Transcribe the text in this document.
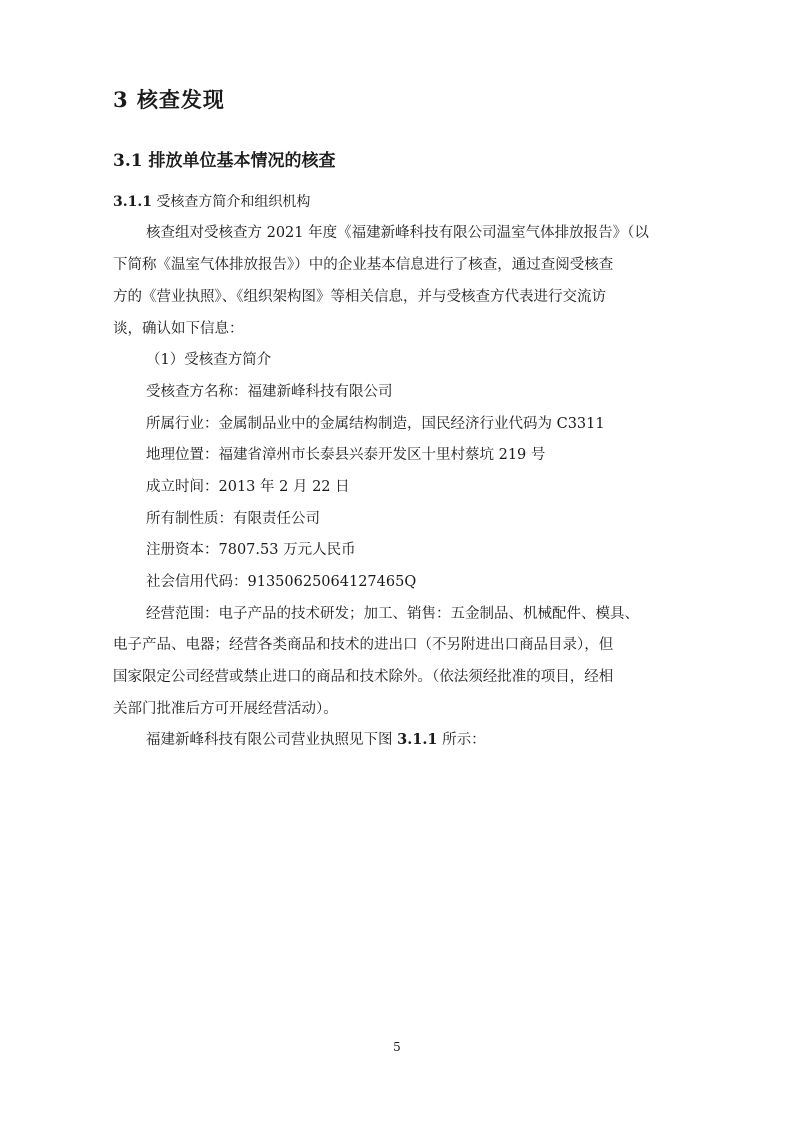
3 核查发现
3.1 排放单位基本情况的核查
3.1.1 受核查方简介和组织机构
核查组对受核查方 2021 年度《福建新峰科技有限公司温室气体排放报告》（以
下简称《温室气体排放报告》）中的企业基本信息进行了核查，通过查阅受核查
方的《营业执照》、《组织架构图》等相关信息，并与受核查方代表进行交流访
谈，确认如下信息：
（1）受核查方简介
受核查方名称：福建新峰科技有限公司
所属行业：金属制品业中的金属结构制造，国民经济行业代码为 C3311
地理位置：福建省漳州市长泰县兴泰开发区十里村蔡坑 219 号
成立时间：2013 年 2 月 22 日
所有制性质：有限责任公司
注册资本：7807.53 万元人民币
社会信用代码：91350625064127465Q
经营范围：电子产品的技术研发；加工、销售：五金制品、机械配件、模具、
电子产品、电器；经营各类商品和技术的进出口（不另附进出口商品目录），但
国家限定公司经营或禁止进口的商品和技术除外。（依法须经批准的项目，经相
关部门批准后方可开展经营活动）。
福建新峰科技有限公司营业执照见下图 3.1.1 所示：
5
